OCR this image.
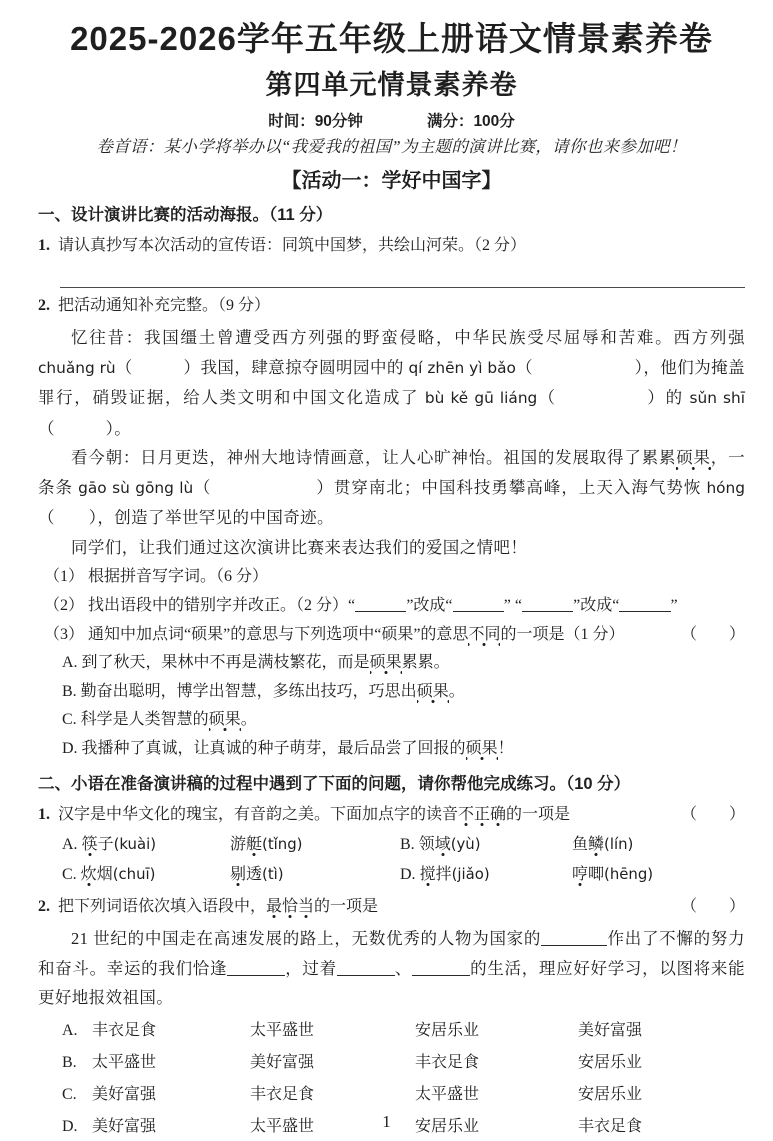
2025-2026学年五年级上册语文情景素养卷
第四单元情景素养卷
时间：90分钟	满分：100分
卷首语：某小学将举办以“我爱我的祖国”为主题的演讲比赛，请你也来参加吧！
【活动一：学好中国字】
一、设计演讲比赛的活动海报。（11 分）
1. 请认真抄写本次活动的宣传语：同筑中国梦，共绘山河荣。（2 分）
2. 把活动通知补充完整。（9 分）

忆往昔：我国缰土曾遭受西方列强的野蛮侵略，中华民族受尽屈辱和苦难。西方列强 chuǎng rù（　　　）我国，肆意掠夺圆明园中的 qí zhēn yì bǎo（　　　　　　），他们为掩盖罪行，硝毁证据，给人类文明和中国文化造成了 bù kě gū liáng（　　　　　）的 sǔn shī（　　　）。

看今朝：日月更迭，神州大地诗情画意，让人心旷神怡。祖国的发展取得了累累硕果，一条条 gāo sù gōng lù（　　　　　　）贯穿南北；中国科技勇攀高峰，上天入海气势恢 hóng（　　），创造了举世罕见的中国奇迹。

同学们，让我们通过这次演讲比赛来表达我们的爱国之情吧！

（1） 根据拼音写字词。（6 分）
（2） 找出语段中的错别字并改正。（2 分）“	”改成“	” “	”改成“	”
（3） 通知中加点词“硕果”的意思与下列选项中“硕果”的意思不同的一项是（1 分）	（　　）
A. 到了秋天，果林中不再是满枝繁花，而是硕果累累。
B. 勤奋出聪明，博学出智慧，多练出技巧，巧思出硕果。
C. 科学是人类智慧的硕果。
D. 我播种了真诚，让真诚的种子萌芽，最后品尝了回报的硕果！
二、小语在准备演讲稿的过程中遇到了下面的问题，请你帮他完成练习。（10 分）
1. 汉字是中华文化的瑰宝，有音韵之美。下面加点字的读音不正确的一项是	（　　）
A. 筷子(kuài)	游艇(tǐng)	B. 领域(yù)	鱼鳞(lín)
C. 炊烟(chuī)	剔透(tì)	D. 搅拌(jiǎo)	哼唧(hēng)
2. 把下列词语依次填入语段中，最恰当的一项是	（　　）

21 世纪的中国走在高速发展的路上，无数优秀的人物为国家的	作出了不懈的努力和奋斗。幸运的我们恰逢	，过着	、	的生活，理应好好学习，以图将来能更好地报效祖国。

A. 丰衣足食	太平盛世	安居乐业	美好富强
B. 太平盛世	美好富强	丰衣足食	安居乐业
C. 美好富强	丰衣足食	太平盛世	安居乐业
D. 美好富强	太平盛世	安居乐业	丰衣足食
1
